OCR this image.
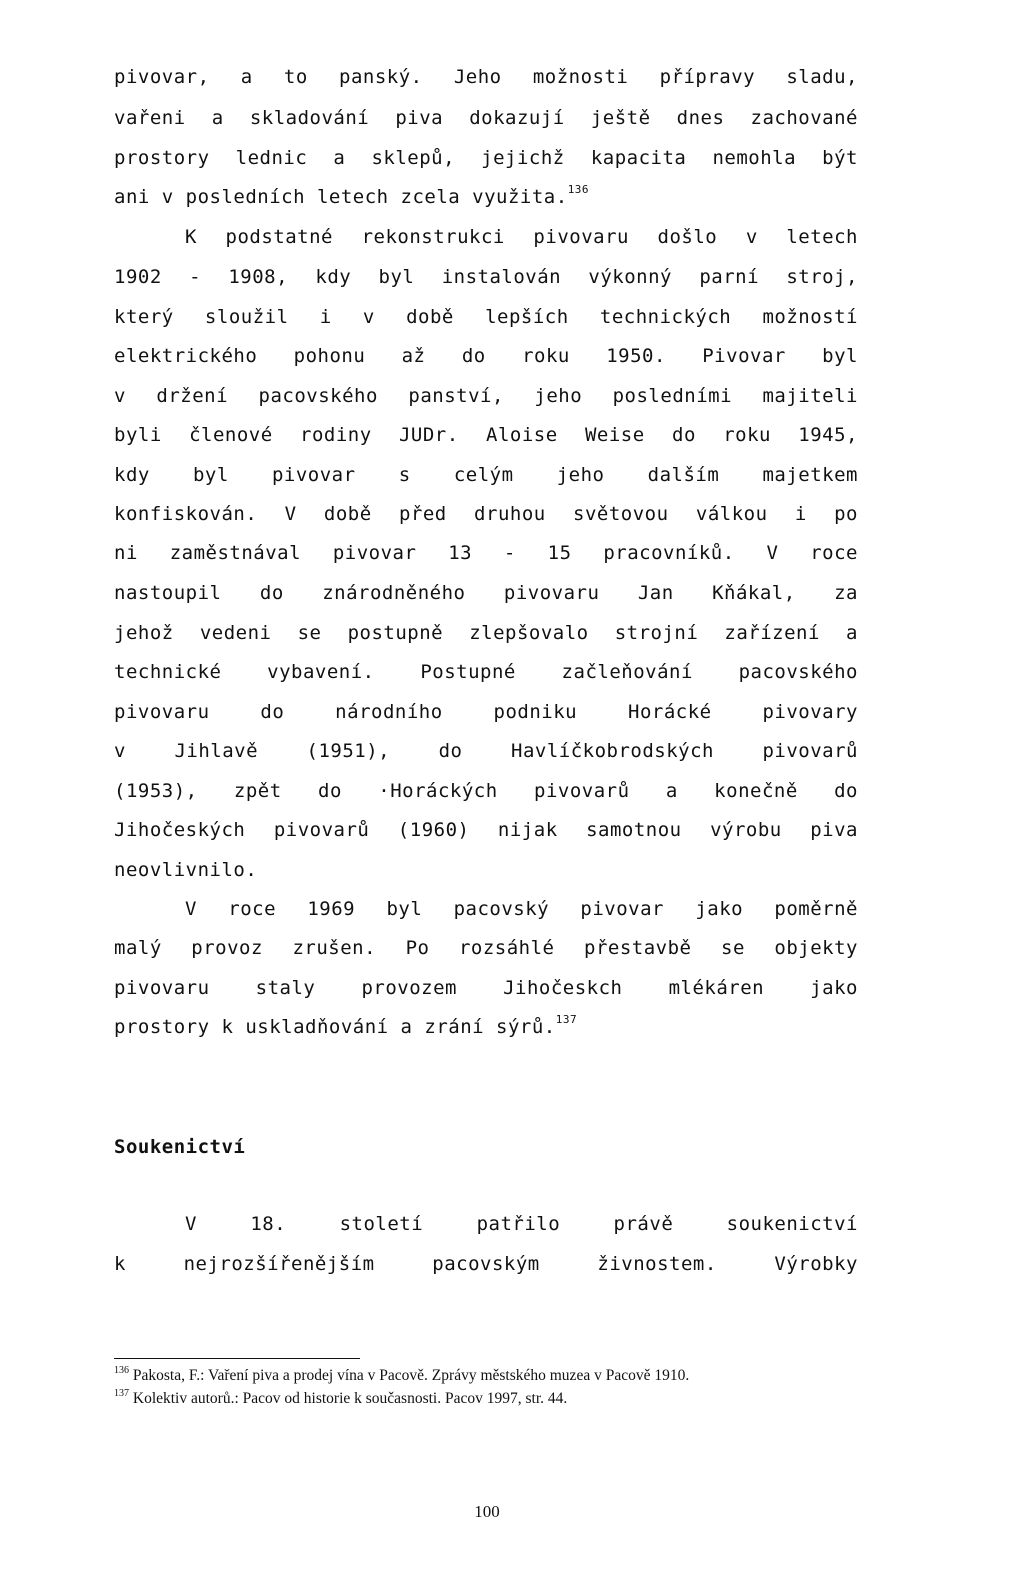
pivovar, a to panský. Jeho možnosti přípravy sladu,
vařeni a skladování piva dokazují ještě dnes zachované
prostory lednic a sklepů, jejichž kapacita nemohla být
ani v posledních letech zcela využita.$^{136}$
K podstatné rekonstrukci pivovaru došlo v letech
1902 - 1908, kdy byl instalován výkonný parní stroj,
který sloužil i v době lepších technických možností
elektrického pohonu až do roku 1950. Pivovar byl
v držení pacovského panství, jeho posledními majiteli
byli členové rodiny JUDr. Aloise Weise do roku 1945,
kdy byl pivovar s celým jeho dalším majetkem
konfiskován. V době před druhou světovou válkou i po
ni zaměstnával pivovar 13 - 15 pracovníků. V roce
nastoupil do znárodněného pivovaru Jan Kňákal, za
jehož vedeni se postupně zlepšovalo strojní zařízení a
technické vybavení. Postupné začleňování pacovského
pivovaru do národního podniku Horácké pivovary
v Jihlavě (1951), do Havlíčkobrodských pivovarů
(1953), zpět do ·Horáckých pivovarů a konečně do
Jihočeských pivovarů (1960) nijak samotnou výrobu piva
neovlivnilo.
V roce 1969 byl pacovský pivovar jako poměrně
malý provoz zrušen. Po rozsáhlé přestavbě se objekty
pivovaru staly provozem Jihočeskch mlékáren jako
prostory k uskladňování a zrání sýrů.$^{137}$
Soukenictví
V 18. století patřilo právě soukenictví
k nejrozšířenějším pacovským živnostem. Výrobky
$^{136}$ Pakosta, F.: Vaření piva a prodej vína v Pacově. Zprávy městského muzea v Pacově 1910.
$^{137}$ Kolektiv autorů.: Pacov od historie k současnosti. Pacov 1997, str. 44.
100
